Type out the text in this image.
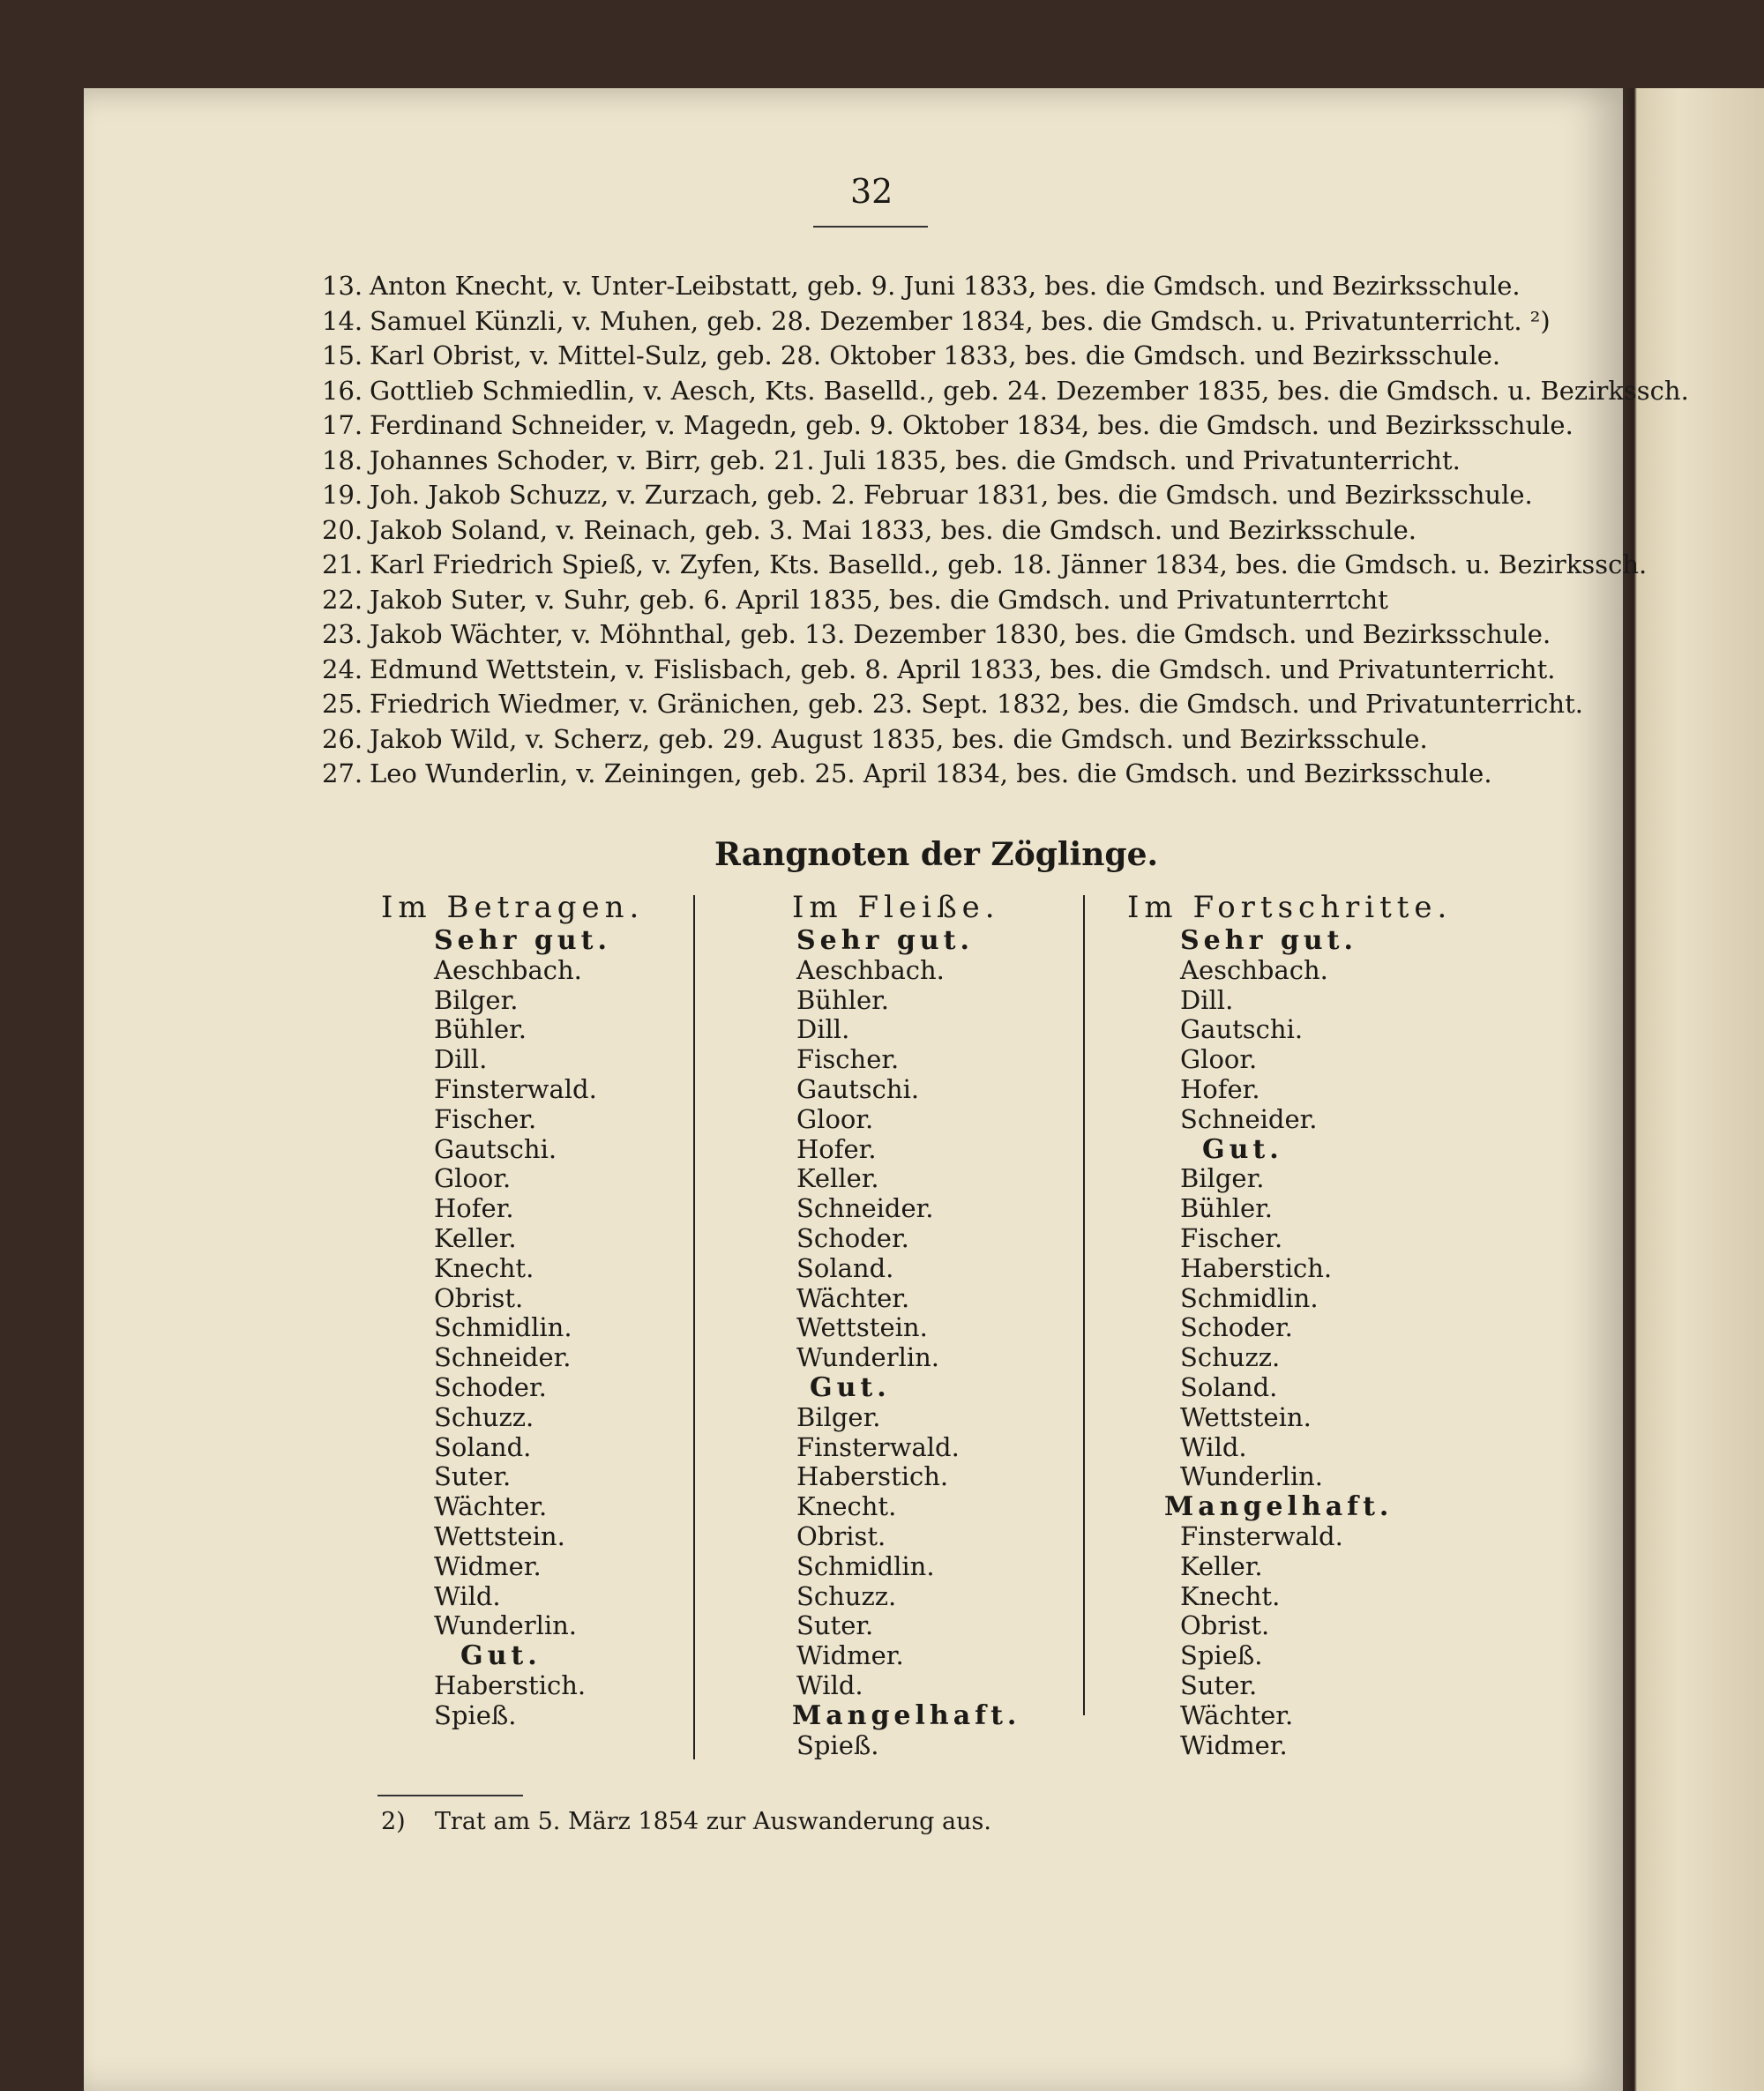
32
13. Anton Knecht, v. Unter-Leibstatt, geb. 9. Juni 1833, bes. die Gmdsch. und Bezirksschule.
14. Samuel Künzli, v. Muhen, geb. 28. Dezember 1834, bes. die Gmdsch. u. Privatunterricht. ²)
15. Karl Obrist, v. Mittel-Sulz, geb. 28. Oktober 1833, bes. die Gmdsch. und Bezirksschule.
16. Gottlieb Schmiedlin, v. Aesch, Kts. Baselld., geb. 24. Dezember 1835, bes. die Gmdsch. u. Bezirkssch.
17. Ferdinand Schneider, v. Magedn, geb. 9. Oktober 1834, bes. die Gmdsch. und Bezirksschule.
18. Johannes Schoder, v. Birr, geb. 21. Juli 1835, bes. die Gmdsch. und Privatunterricht.
19. Joh. Jakob Schuzz, v. Zurzach, geb. 2. Februar 1831, bes. die Gmdsch. und Bezirksschule.
20. Jakob Soland, v. Reinach, geb. 3. Mai 1833, bes. die Gmdsch. und Bezirksschule.
21. Karl Friedrich Spieß, v. Zyfen, Kts. Baselld., geb. 18. Jänner 1834, bes. die Gmdsch. u. Bezirkssch.
22. Jakob Suter, v. Suhr, geb. 6. April 1835, bes. die Gmdsch. und Privatunterrtcht
23. Jakob Wächter, v. Möhnthal, geb. 13. Dezember 1830, bes. die Gmdsch. und Bezirksschule.
24. Edmund Wettstein, v. Fislisbach, geb. 8. April 1833, bes. die Gmdsch. und Privatunterricht.
25. Friedrich Wiedmer, v. Gränichen, geb. 23. Sept. 1832, bes. die Gmdsch. und Privatunterricht.
26. Jakob Wild, v. Scherz, geb. 29. August 1835, bes. die Gmdsch. und Bezirksschule.
27. Leo Wunderlin, v. Zeiningen, geb. 25. April 1834, bes. die Gmdsch. und Bezirksschule.
Rangnoten der Zöglinge.
Im Betragen.
Sehr gut.
Aeschbach.
Bilger.
Bühler.
Dill.
Finsterwald.
Fischer.
Gautschi.
Gloor.
Hofer.
Keller.
Knecht.
Obrist.
Schmidlin.
Schneider.
Schoder.
Schuzz.
Soland.
Suter.
Wächter.
Wettstein.
Widmer.
Wild.
Wunderlin.
Gut.
Haberstich.
Spieß.
Im Fleiße.
Sehr gut.
Aeschbach.
Bühler.
Dill.
Fischer.
Gautschi.
Gloor.
Hofer.
Keller.
Schneider.
Schoder.
Soland.
Wächter.
Wettstein.
Wunderlin.
Gut.
Bilger.
Finsterwald.
Haberstich.
Knecht.
Obrist.
Schmidlin.
Schuzz.
Suter.
Widmer.
Wild.
Mangelhaft.
Spieß.
Im Fortschritte.
Sehr gut.
Aeschbach.
Dill.
Gautschi.
Gloor.
Hofer.
Schneider.
Gut.
Bilger.
Bühler.
Fischer.
Haberstich.
Schmidlin.
Schoder.
Schuzz.
Soland.
Wettstein.
Wild.
Wunderlin.
Mangelhaft.
Finsterwald.
Keller.
Knecht.
Obrist.
Spieß.
Suter.
Wächter.
Widmer.
2) Trat am 5. März 1854 zur Auswanderung aus.
